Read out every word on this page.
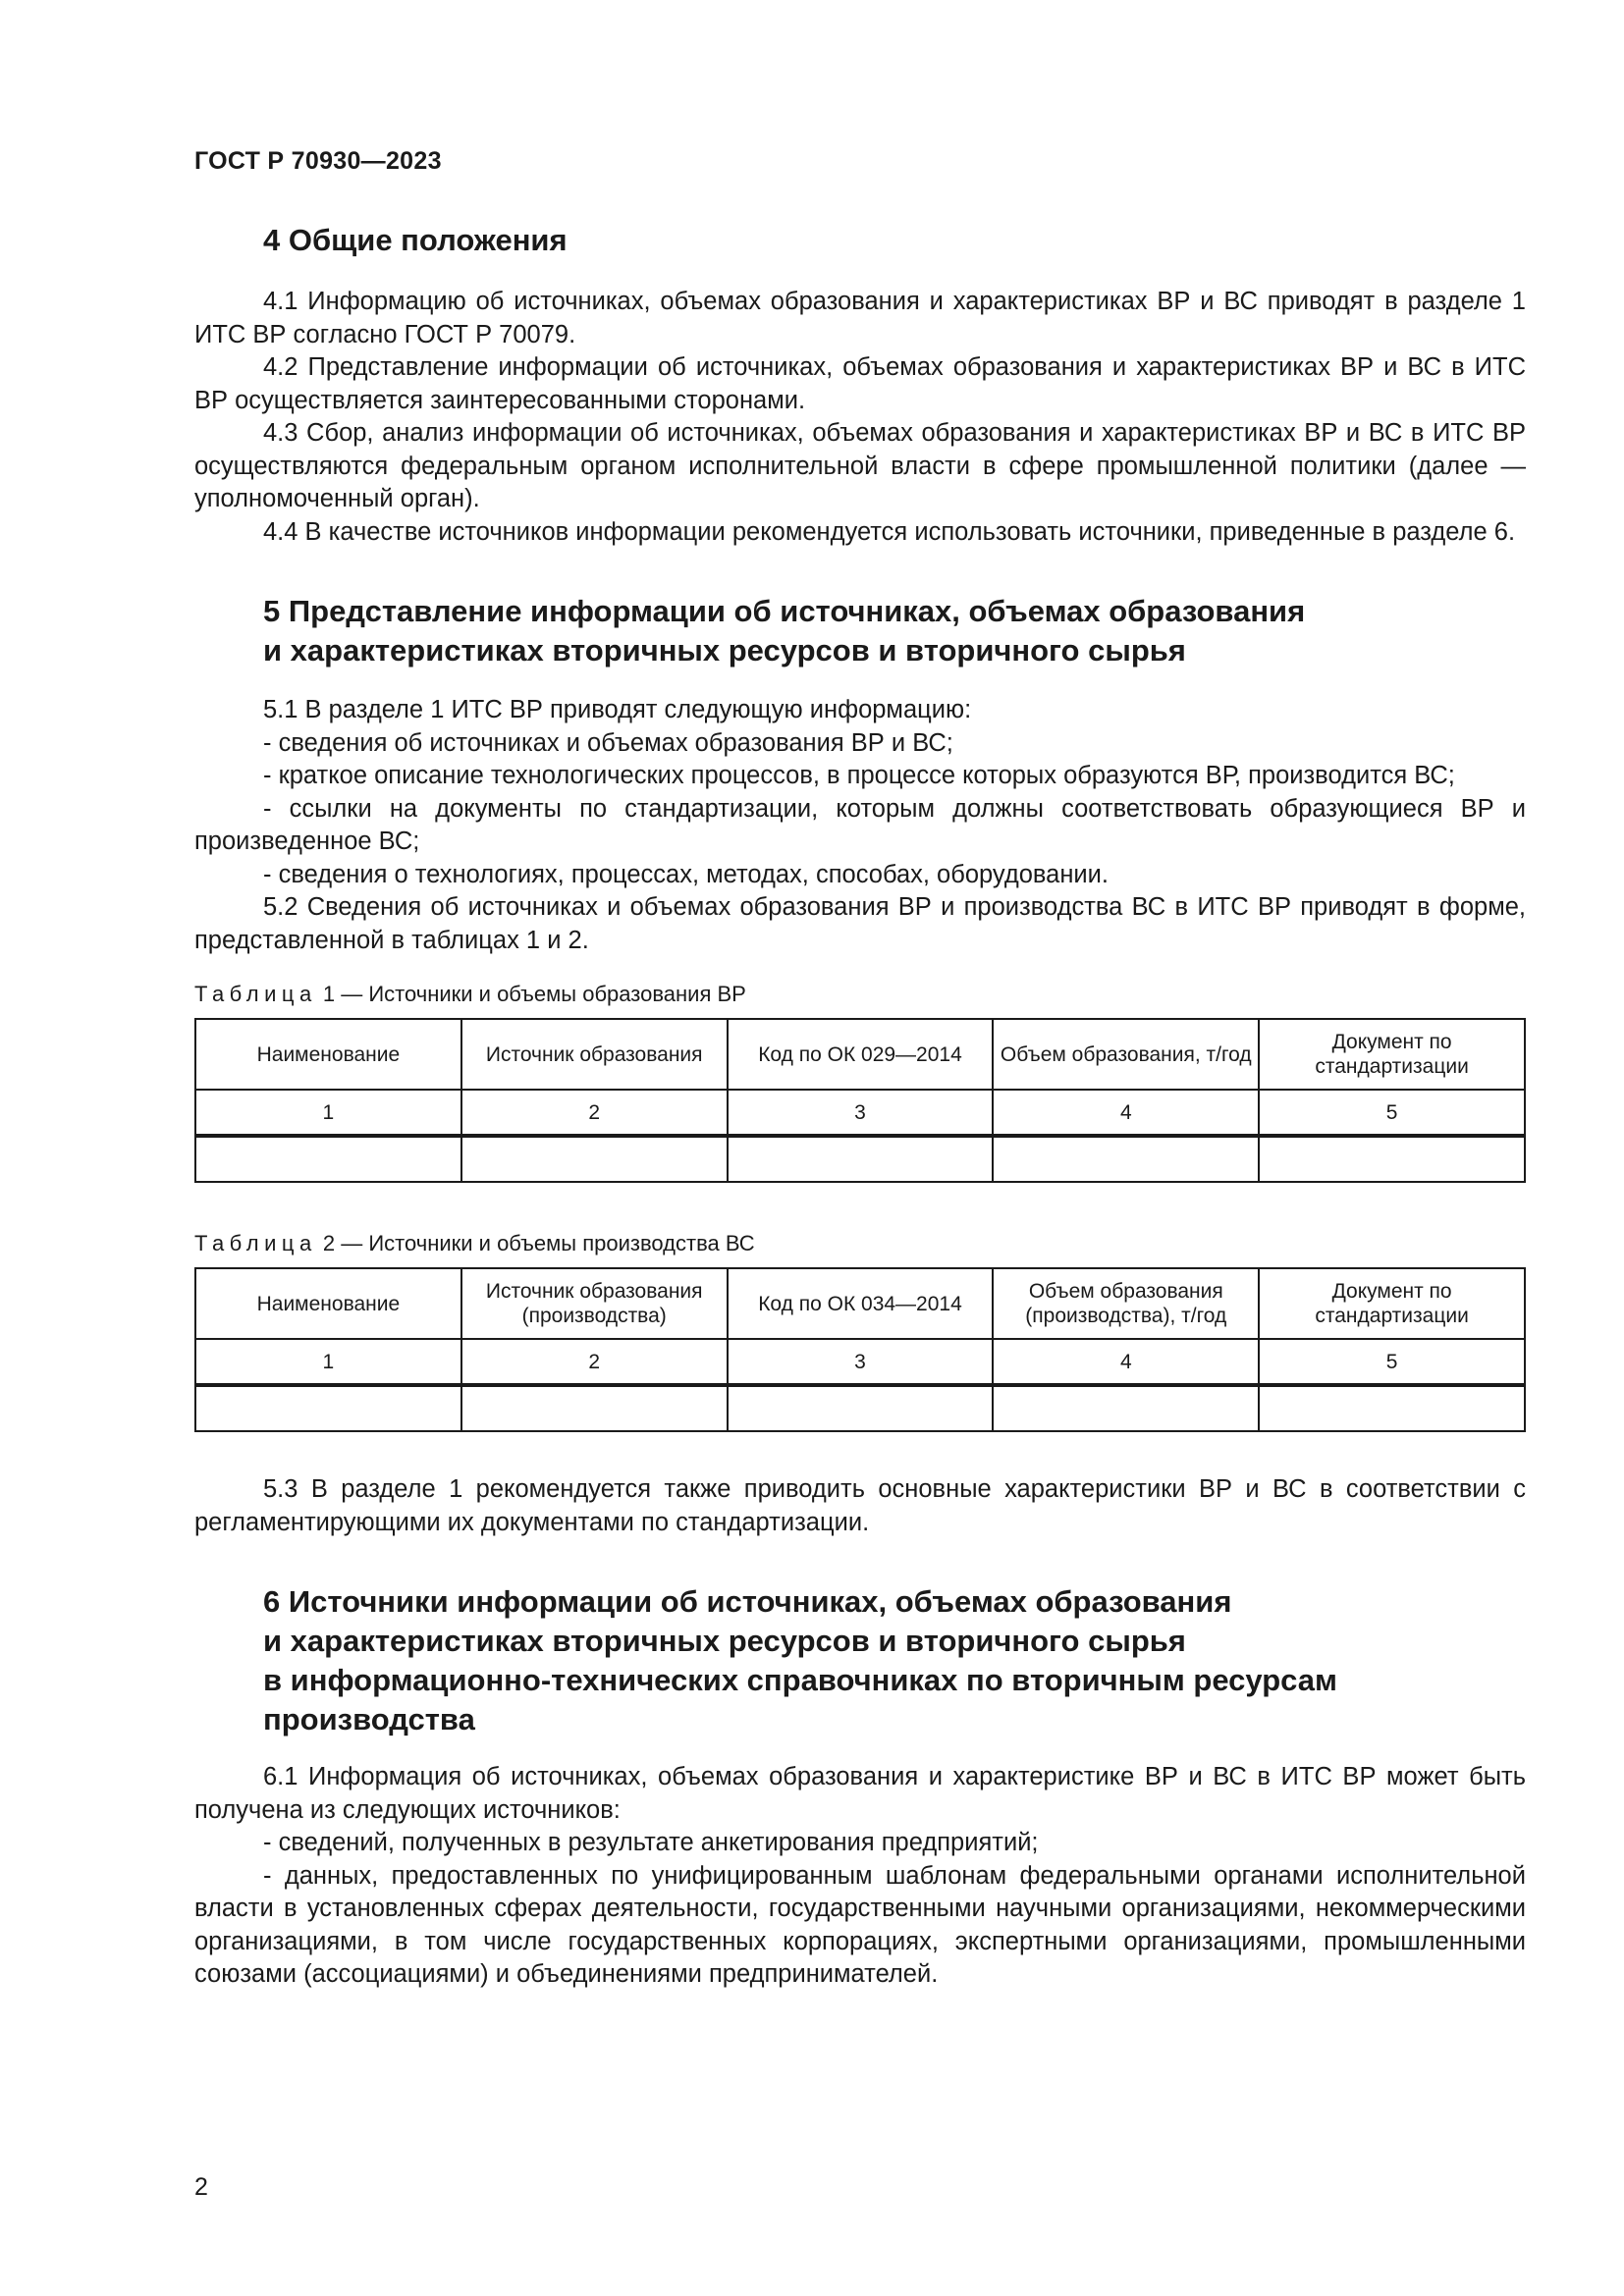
ГОСТ Р 70930—2023
4 Общие положения

4.1 Информацию об источниках, объемах образования и характеристиках ВР и ВС приводят в разделе 1 ИТС ВР согласно ГОСТ Р 70079.

4.2 Представление информации об источниках, объемах образования и характеристиках ВР и ВС в ИТС ВР осуществляется заинтересованными сторонами.

4.3 Сбор, анализ информации об источниках, объемах образования и характеристиках ВР и ВС в ИТС ВР осуществляются федеральным органом исполнительной власти в сфере промышленной политики (далее — уполномоченный орган).

4.4 В качестве источников информации рекомендуется использовать источники, приведенные в разделе 6.

5 Представление информации об источниках, объемах образования
и характеристиках вторичных ресурсов и вторичного сырья

5.1 В разделе 1 ИТС ВР приводят следующую информацию:

- сведения об источниках и объемах образования ВР и ВС;

- краткое описание технологических процессов, в процессе которых образуются ВР, производится ВС;

- ссылки на документы по стандартизации, которым должны соответствовать образующиеся ВР и произведенное ВС;

- сведения о технологиях, процессах, методах, способах, оборудовании.

5.2 Сведения об источниках и объемах образования ВР и производства ВС в ИТС ВР приводят в форме, представленной в таблицах 1 и 2.

Таблица 1 — Источники и объемы образования ВР
Наименование	Источник образования	Код по ОК 029—2014	Объем образования, т/год	Документ по стандартизации
1	2	3	4	5

Таблица 2 — Источники и объемы производства ВС
Наименование	Источник образования (производства)	Код по ОК 034—2014	Объем образования (производства), т/год	Документ по стандартизации
1	2	3	4	5

5.3 В разделе 1 рекомендуется также приводить основные характеристики ВР и ВС в соответствии с регламентирующими их документами по стандартизации.

6 Источники информации об источниках, объемах образования
и характеристиках вторичных ресурсов и вторичного сырья
в информационно-технических справочниках по вторичным ресурсам
производства

6.1 Информация об источниках, объемах образования и характеристике ВР и ВС в ИТС ВР может быть получена из следующих источников:

- сведений, полученных в результате анкетирования предприятий;

- данных, предоставленных по унифицированным шаблонам федеральными органами исполнительной власти в установленных сферах деятельности, государственными научными организациями, некоммерческими организациями, в том числе государственных корпорациях, экспертными организациями, промышленными союзами (ассоциациями) и объединениями предпринимателей.

2
